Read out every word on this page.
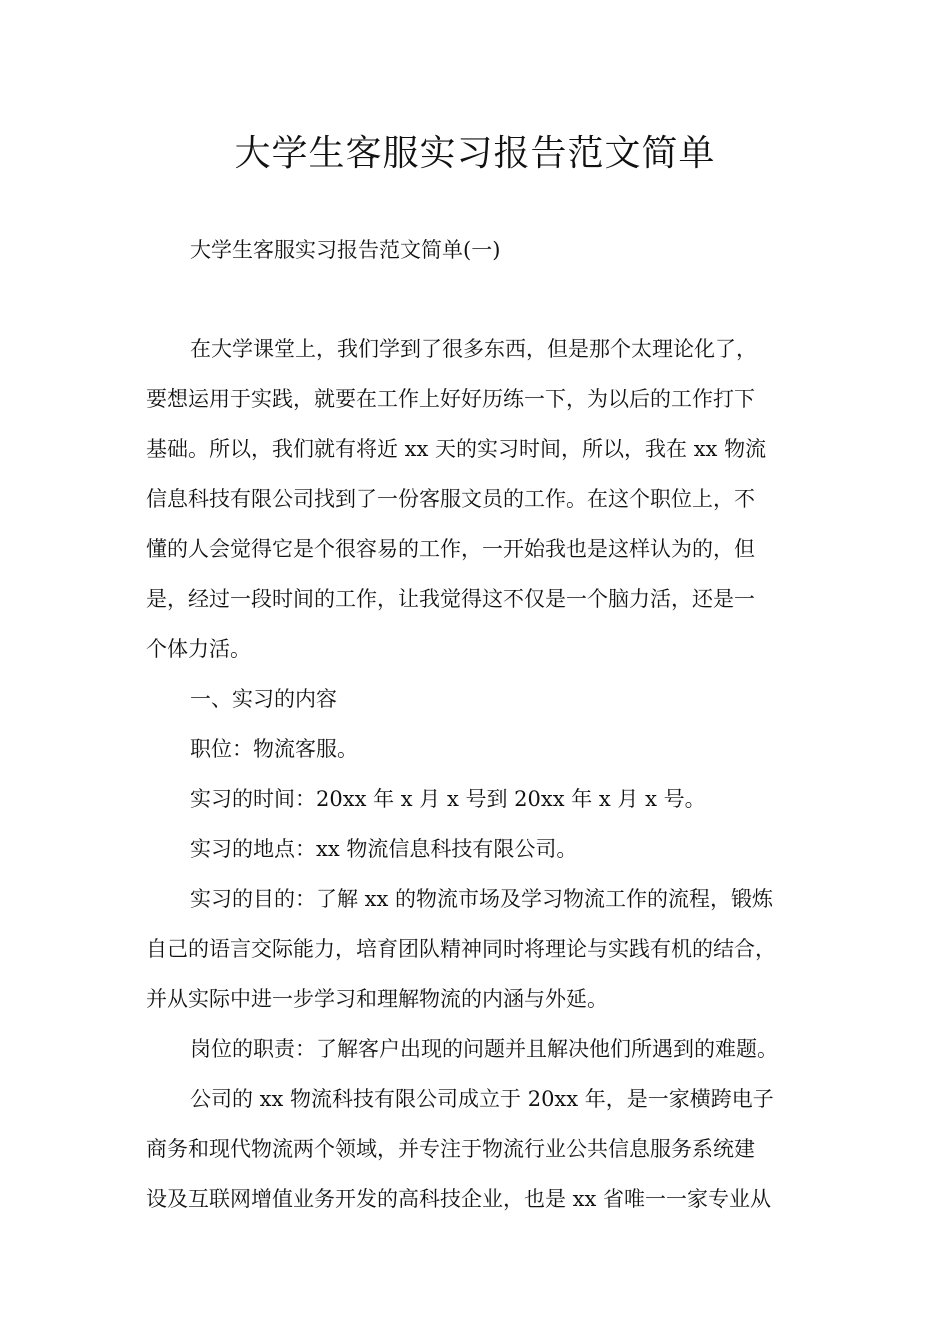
大学生客服实习报告范文简单

大学生客服实习报告范文简单(一)

在大学课堂上，我们学到了很多东西，但是那个太理论化了，

要想运用于实践，就要在工作上好好历练一下，为以后的工作打下

基础。所以，我们就有将近 xx 天的实习时间，所以，我在 xx 物流

信息科技有限公司找到了一份客服文员的工作。在这个职位上，不

懂的人会觉得它是个很容易的工作，一开始我也是这样认为的，但

是，经过一段时间的工作，让我觉得这不仅是一个脑力活，还是一

个体力活。

一、实习的内容

职位：物流客服。

实习的时间：20xx 年 x 月 x 号到 20xx 年 x 月 x 号。

实习的地点：xx 物流信息科技有限公司。

实习的目的：了解 xx 的物流市场及学习物流工作的流程，锻炼

自己的语言交际能力，培育团队精神同时将理论与实践有机的结合，

并从实际中进一步学习和理解物流的内涵与外延。

岗位的职责：了解客户出现的问题并且解决他们所遇到的难题。

公司的 xx 物流科技有限公司成立于 20xx 年，是一家横跨电子

商务和现代物流两个领域，并专注于物流行业公共信息服务系统建

设及互联网增值业务开发的高科技企业，也是 xx 省唯一一家专业从
